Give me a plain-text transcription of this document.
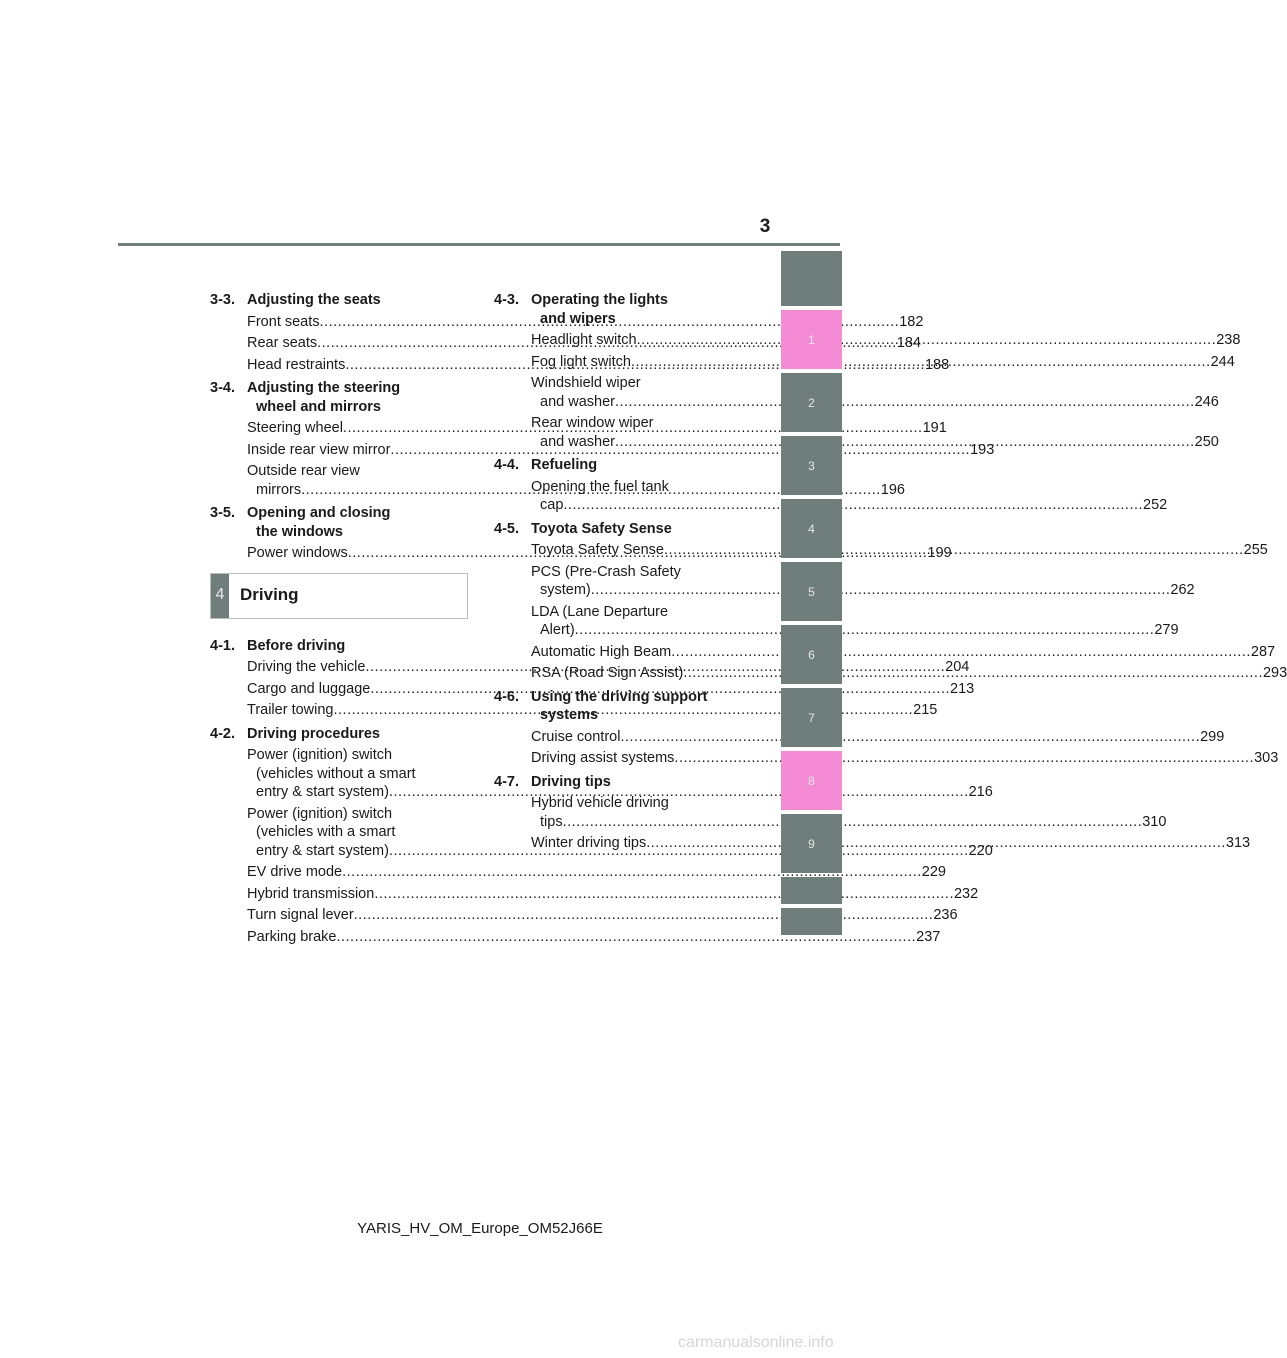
3
3-3. Adjusting the seats
Front seats .....	182
Rear seats .....	184
Head restraints .....	188
3-4. Adjusting the steering
wheel and mirrors
Steering wheel .....	191
Inside rear view mirror .....	193
Outside rear view
mirrors .....	196
3-5. Opening and closing
the windows
Power windows .....	199
4 Driving
4-1. Before driving
Driving the vehicle .....	204
Cargo and luggage .....	213
Trailer towing .....	215
4-2. Driving procedures
Power (ignition) switch
(vehicles without a smart
entry & start system) .....	216
Power (ignition) switch
(vehicles with a smart
entry & start system) .....	220
EV drive mode .....	229
Hybrid transmission .....	232
Turn signal lever .....	236
Parking brake .....	237
4-3. Operating the lights
and wipers
Headlight switch .....	238
Fog light switch .....	244
Windshield wiper
and washer .....	246
Rear window wiper
and washer .....	250
4-4. Refueling
Opening the fuel tank
cap .....	252
4-5. Toyota Safety Sense
Toyota Safety Sense .....	255
PCS (Pre-Crash Safety
system) .....	262
LDA (Lane Departure
Alert) .....	279
Automatic High Beam .....	287
RSA (Road Sign Assist) .....	293
4-6. Using the driving support
systems
Cruise control .....	299
Driving assist systems .....	303
4-7. Driving tips
Hybrid vehicle driving
tips .....	310
Winter driving tips .....	313
1
2
3
4
5
6
7
8
9
YARIS_HV_OM_Europe_OM52J66E
carmanualsonline.info
